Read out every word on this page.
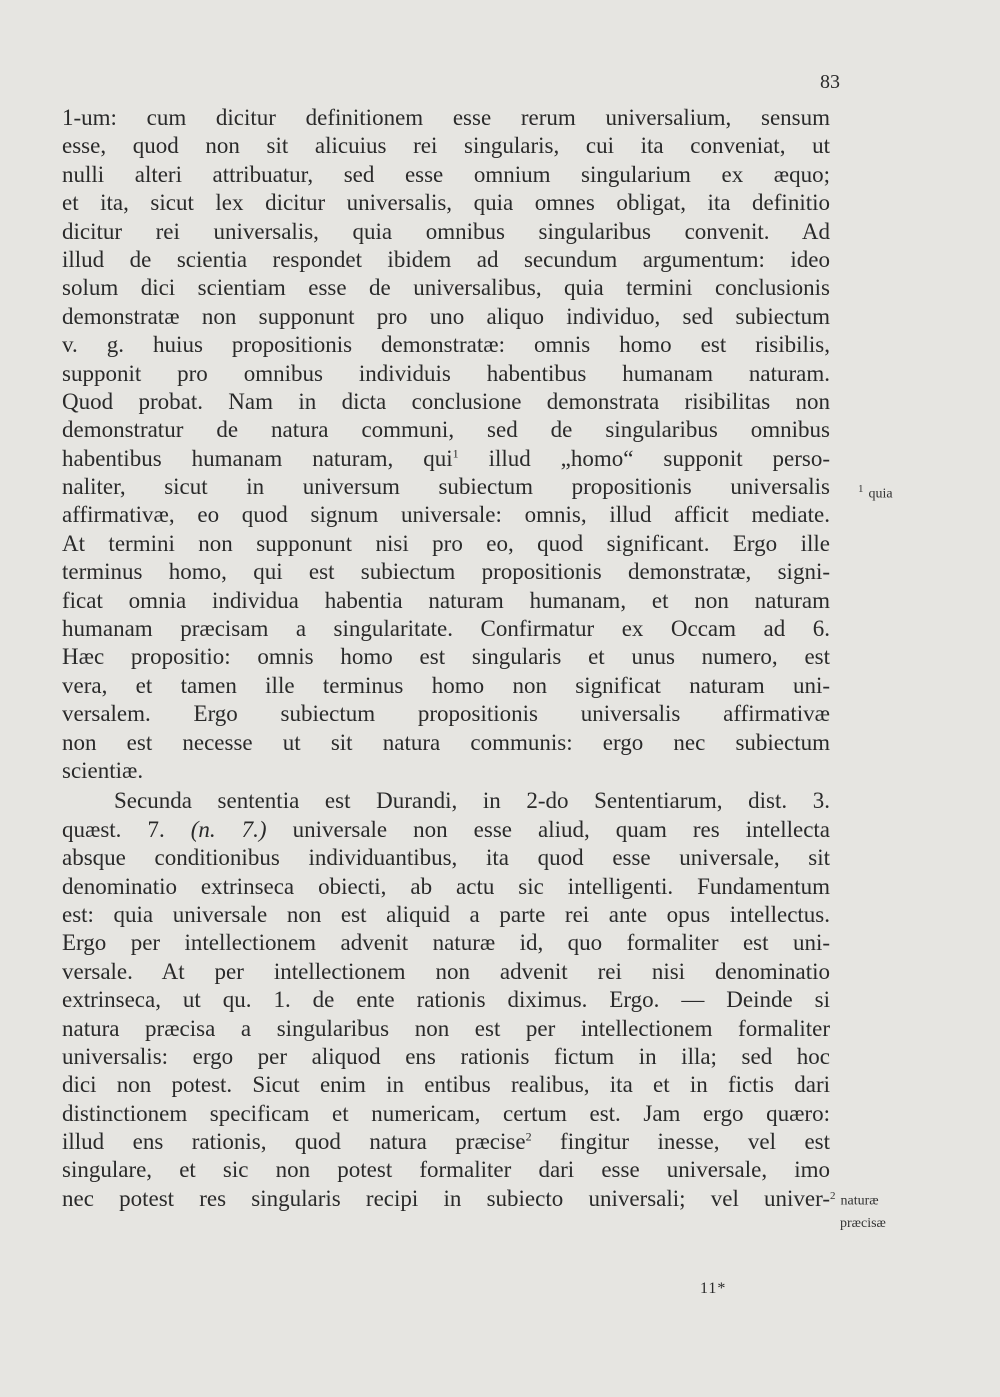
83
1-um: cum dicitur definitionem esse rerum universalium, sensum
esse, quod non sit alicuius rei singularis, cui ita conveniat, ut
nulli alteri attribuatur, sed esse omnium singularium ex æquo;
et ita, sicut lex dicitur universalis, quia omnes obligat, ita definitio
dicitur rei universalis, quia omnibus singularibus convenit. Ad
illud de scientia respondet ibidem ad secundum argumentum: ideo
solum dici scientiam esse de universalibus, quia termini conclusionis
demonstratæ non supponunt pro uno aliquo individuo, sed subiectum
v. g. huius propositionis demonstratæ: omnis homo est risibilis,
supponit pro omnibus individuis habentibus humanam naturam.
Quod probat. Nam in dicta conclusione demonstrata risibilitas non
demonstratur de natura communi, sed de singularibus omnibus
habentibus humanam naturam, qui$^1$ illud „homo“ supponit perso-
naliter, sicut in universum subiectum propositionis universalis
affirmativæ, eo quod signum universale: omnis, illud afficit mediate.
At termini non supponunt nisi pro eo, quod significant. Ergo ille
terminus homo, qui est subiectum propositionis demonstratæ, signi-
ficat omnia individua habentia naturam humanam, et non naturam
humanam præcisam a singularitate. Confirmatur ex Occam ad 6.
Hæc propositio: omnis homo est singularis et unus numero, est
vera, et tamen ille terminus homo non significat naturam uni-
versalem. Ergo subiectum propositionis universalis affirmativæ
non est necesse ut sit natura communis: ergo nec subiectum
scientiæ.
Secunda sententia est Durandi, in 2-do Sententiarum, dist. 3.
quæst. 7. (n. 7.) universale non esse aliud, quam res intellecta
absque conditionibus individuantibus, ita quod esse universale, sit
denominatio extrinseca obiecti, ab actu sic intelligenti. Fundamentum
est: quia universale non est aliquid a parte rei ante opus intellectus.
Ergo per intellectionem advenit naturæ id, quo formaliter est uni-
versale. At per intellectionem non advenit rei nisi denominatio
extrinseca, ut qu. 1. de ente rationis diximus. Ergo. — Deinde si
natura præcisa a singularibus non est per intellectionem formaliter
universalis: ergo per aliquod ens rationis fictum in illa; sed hoc
dici non potest. Sicut enim in entibus realibus, ita et in fictis dari
distinctionem specificam et numericam, certum est. Jam ergo quæro:
illud ens rationis, quod natura præcise$^2$ fingitur inesse, vel est
singulare, et sic non potest formaliter dari esse universale, imo
nec potest res singularis recipi in subiecto universali; vel univer-
11*
$^1$ quia
$^2$ naturæ
præcisæ
